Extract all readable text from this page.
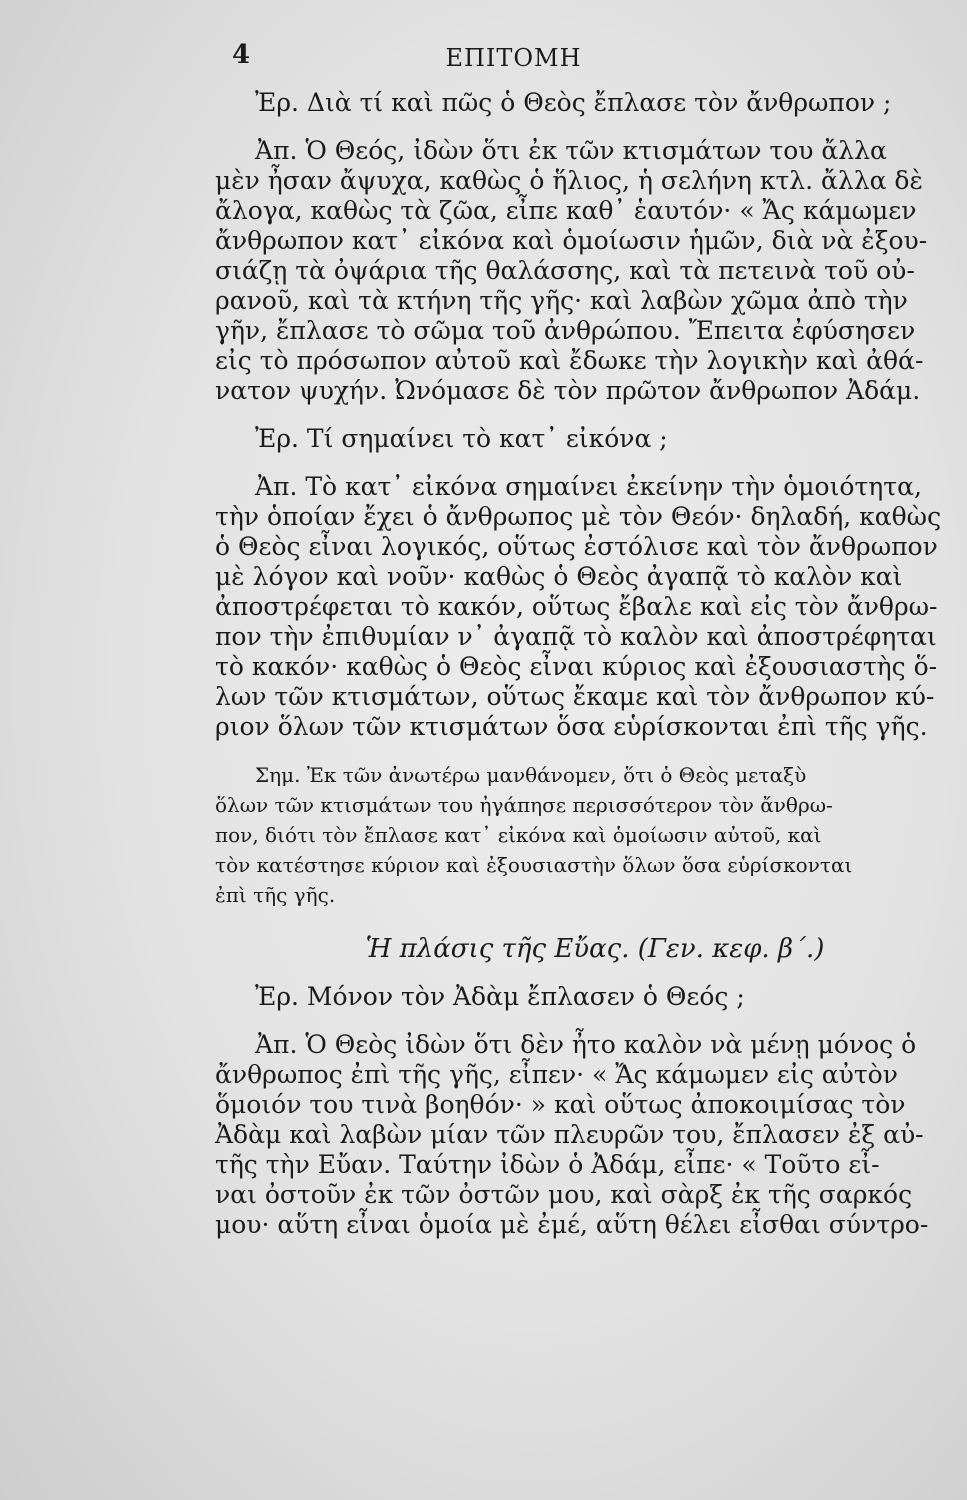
4	ΕΠΙΤΟΜΗ

Ἐρ. Διὰ τί καὶ πῶς ὁ Θεὸς ἔπλασε τὸν ἄνθρωπον ;

Ἀπ. Ὁ Θεός, ἰδὼν ὅτι ἐκ τῶν κτισμάτων του ἄλλα
μὲν ἦσαν ἄψυχα, καθὼς ὁ ἥλιος, ἡ σελήνη κτλ. ἄλλα δὲ
ἄλογα, καθὼς τὰ ζῶα, εἶπε καθ᾿ ἑαυτόν· « Ἄς κάμωμεν
ἄνθρωπον κατ᾿ εἰκόνα καὶ ὁμοίωσιν ἡμῶν, διὰ νὰ ἐξου-
σιάζῃ τὰ ὀψάρια τῆς θαλάσσης, καὶ τὰ πετεινὰ τοῦ οὐ-
ρανοῦ, καὶ τὰ κτήνη τῆς γῆς· καὶ λαβὼν χῶμα ἀπὸ τὴν
γῆν, ἔπλασε τὸ σῶμα τοῦ ἀνθρώπου. Ἔπειτα ἐφύσησεν
εἰς τὸ πρόσωπον αὐτοῦ καὶ ἔδωκε τὴν λογικὴν καὶ ἀθά-
νατον ψυχήν. Ὠνόμασε δὲ τὸν πρῶτον ἄνθρωπον Ἀδάμ.

Ἐρ. Τί σημαίνει τὸ κατ᾿ εἰκόνα ;

Ἀπ. Τὸ κατ᾿ εἰκόνα σημαίνει ἐκείνην τὴν ὁμοιότητα,
τὴν ὁποίαν ἔχει ὁ ἄνθρωπος μὲ τὸν Θεόν· δηλαδή, καθὼς
ὁ Θεὸς εἶναι λογικός, οὕτως ἐστόλισε καὶ τὸν ἄνθρωπον
μὲ λόγον καὶ νοῦν· καθὼς ὁ Θεὸς ἀγαπᾷ τὸ καλὸν καὶ
ἀποστρέφεται τὸ κακόν, οὕτως ἔβαλε καὶ εἰς τὸν ἄνθρω-
πον τὴν ἐπιθυμίαν ν᾿ ἀγαπᾷ τὸ καλὸν καὶ ἀποστρέφηται
τὸ κακόν· καθὼς ὁ Θεὸς εἶναι κύριος καὶ ἐξουσιαστὴς ὅ-
λων τῶν κτισμάτων, οὕτως ἔκαμε καὶ τὸν ἄνθρωπον κύ-
ριον ὅλων τῶν κτισμάτων ὅσα εὑρίσκονται ἐπὶ τῆς γῆς.

Σημ. Ἐκ τῶν ἀνωτέρω μανθάνομεν, ὅτι ὁ Θεὸς μεταξὺ
ὅλων τῶν κτισμάτων του ἠγάπησε περισσότερον τὸν ἄνθρω-
πον, διότι τὸν ἔπλασε κατ᾿ εἰκόνα καὶ ὁμοίωσιν αὐτοῦ, καὶ
τὸν κατέστησε κύριον καὶ ἐξουσιαστὴν ὅλων ὅσα εὑρίσκονται
ἐπὶ τῆς γῆς.

Ἡ πλάσις τῆς Εὔας. (Γεν. κεφ. β΄.)

Ἐρ. Μόνον τὸν Ἀδὰμ ἔπλασεν ὁ Θεός ;

Ἀπ. Ὁ Θεὸς ἰδὼν ὅτι δὲν ἦτο καλὸν νὰ μένῃ μόνος ὁ
ἄνθρωπος ἐπὶ τῆς γῆς, εἶπεν· « Ἄς κάμωμεν εἰς αὐτὸν
ὅμοιόν του τινὰ βοηθόν· » καὶ οὕτως ἀποκοιμίσας τὸν
Ἀδὰμ καὶ λαβὼν μίαν τῶν πλευρῶν του, ἔπλασεν ἐξ αὐ-
τῆς τὴν Εὔαν. Ταύτην ἰδὼν ὁ Ἀδάμ, εἶπε· « Τοῦτο εἶ-
ναι ὀστοῦν ἐκ τῶν ὀστῶν μου, καὶ σὰρξ ἐκ τῆς σαρκός
μου· αὕτη εἶναι ὁμοία μὲ ἐμέ, αὕτη θέλει εἶσθαι σύντρο-
